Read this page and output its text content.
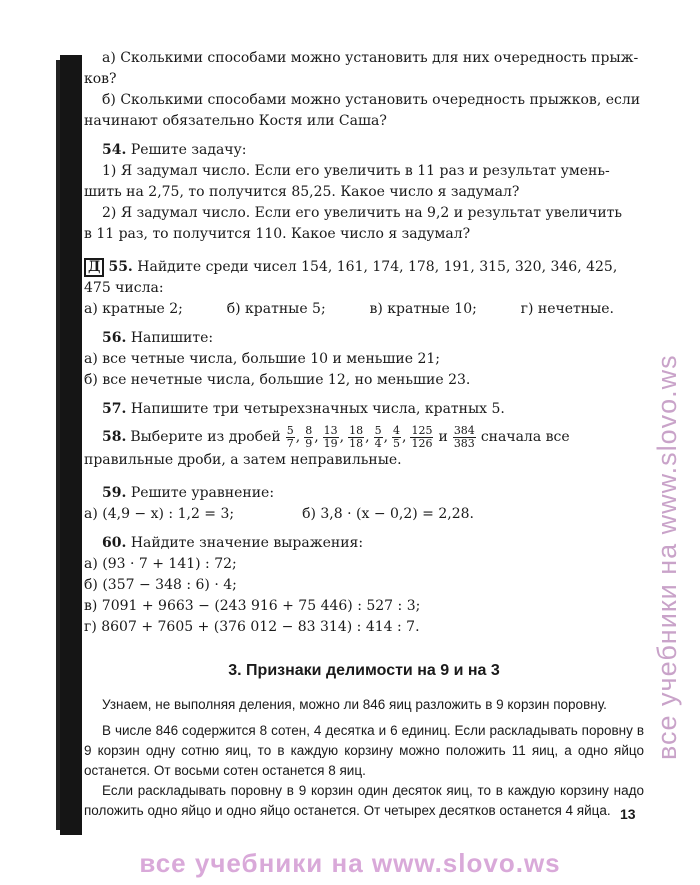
а) Сколькими способами можно установить для них очередность прыж-

ков?

б) Сколькими способами можно установить очередность прыжков, если

начинают обязательно Костя или Саша?

54. Решите задачу:

1) Я задумал число. Если его увеличить в 11 раз и результат умень-

шить на 2,75, то получится 85,25. Какое число я задумал?

2) Я задумал число. Если его увеличить на 9,2 и результат увеличить

в 11 раз, то получится 110. Какое число я задумал?

Д 55. Найдите среди чисел 154, 161, 174, 178, 191, 315, 320, 346, 425,

475 числа:

а) кратные 2;	б) кратные 5;	в) кратные 10;	г) нечетные.

56. Напишите:

а) все четные числа, большие 10 и меньшие 21;

б) все нечетные числа, большие 12, но меньшие 23.

57. Напишите три четырехзначных числа, кратных 5.

58. Выберите из дробей $\frac{5}{7}$ , $\frac{8}{9}$ , $\frac{13}{19}$ , $\frac{18}{18}$ , $\frac{5}{4}$ , $\frac{4}{5}$ , $\frac{125}{126}$ и $\frac{384}{383}$ сначала все

правильные дроби, а затем неправильные.

59. Решите уравнение:

а) (4,9 − x) : 1,2 = 3;	б) 3,8 · (x − 0,2) = 2,28.

60. Найдите значение выражения:

а) (93 · 7 + 141) : 72;

б) (357 − 348 : 6) · 4;

в) 7091 + 9663 − (243 916 + 75 446) : 527 : 3;

г) 8607 + 7605 + (376 012 − 83 314) : 414 : 7.

3. Признаки делимости на 9 и на 3

Узнаем, не выполняя деления, можно ли 846 яиц разложить в 9 корзин поровну.

В числе 846 содержится 8 сотен, 4 десятка и 6 единиц. Если раскладывать поровну в 9 корзин одну сотню яиц, то в каждую корзину можно положить 11 яиц, а одно яйцо останется. От восьми сотен останется 8 яиц.

Если раскладывать поровну в 9 корзин один десяток яиц, то в каждую корзину надо положить одно яйцо и одно яйцо останется. От четырех десятков останется 4 яйца. 13
все учебники на www.slovo.ws
все учебники на www.slovo.ws
